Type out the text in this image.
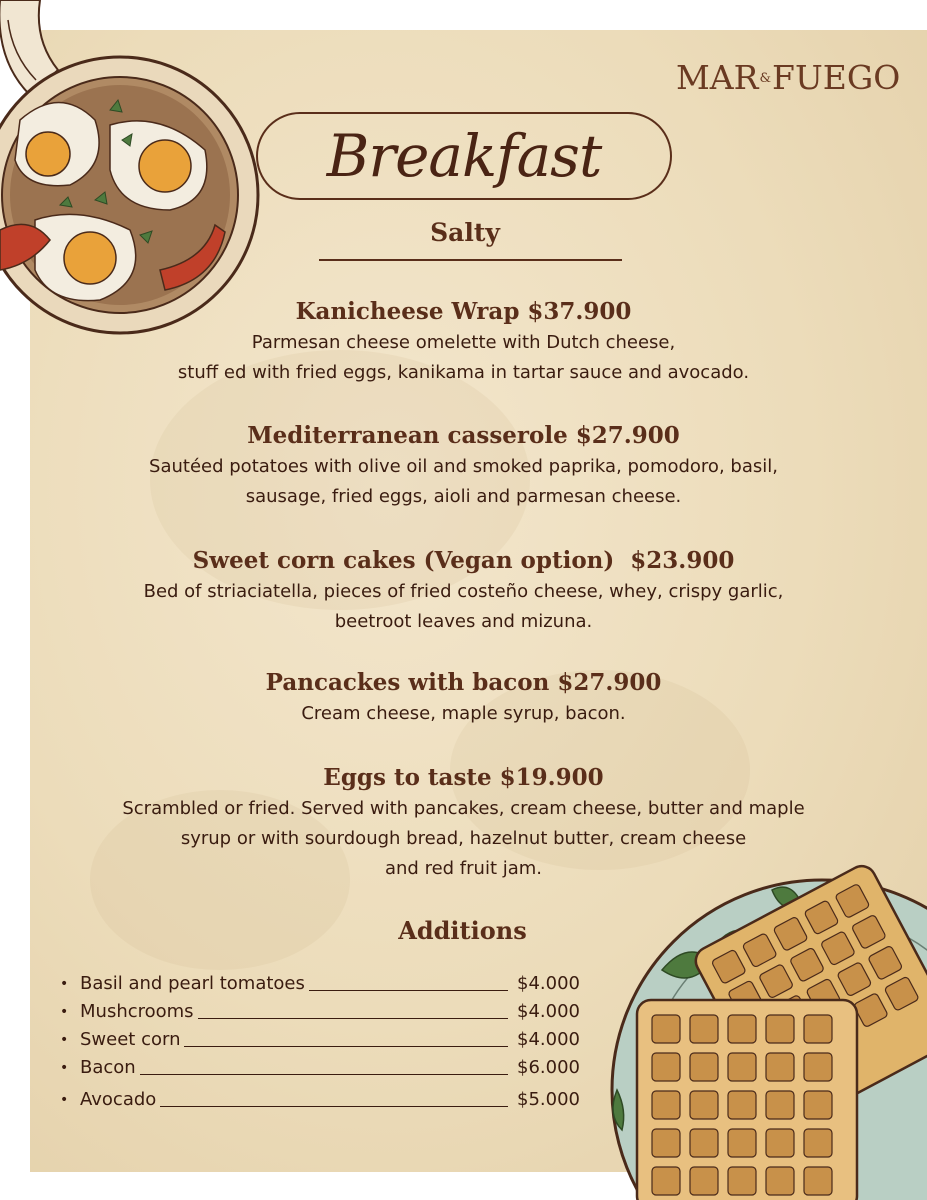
MAR&FUEGO
Breakfast
Salty
Kanicheese Wrap $37.900
Parmesan cheese omelette with Dutch cheese,
stuff ed with fried eggs, kanikama in tartar sauce and avocado.
Mediterranean casserole $27.900
Sautéed potatoes with olive oil and smoked paprika, pomodoro, basil,
sausage, fried eggs, aioli and parmesan cheese.
Sweet corn cakes (Vegan option)  $23.900
Bed of striaciatella, pieces of fried costeño cheese, whey, crispy garlic,
beetroot leaves and mizuna.
Pancackes with bacon $27.900
Cream cheese, maple syrup, bacon.
Eggs to taste $19.900
Scrambled or fried. Served with pancakes, cream cheese, butter and maple
syrup or with sourdough bread, hazelnut butter, cream cheese
and red fruit jam.
Additions
• Basil and pearl tomatoes	$4.000
• Mushcrooms	$4.000
• Sweet corn	$4.000
• Bacon	$6.000
• Avocado	$5.000
